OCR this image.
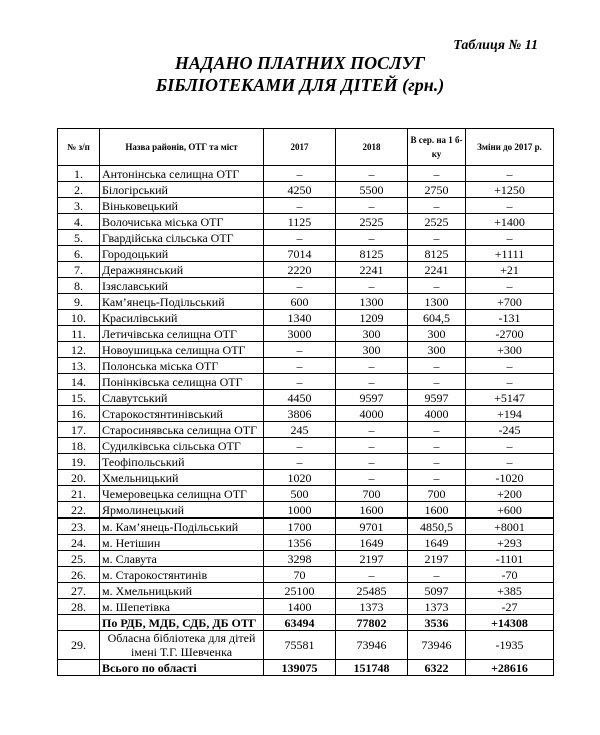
Таблиця № 11
НАДАНО ПЛАТНИХ ПОСЛУГ
БІБЛІОТЕКАМИ ДЛЯ ДІТЕЙ (грн.)
№ з/п	Назва районів, ОТГ та міст	2017	2018	В сер. на 1 б-ку	Зміни до 2017 р.
1.	Антонінська селищна ОТГ	–	–	–	–
2.	Білогірський	4250	5500	2750	+1250
3.	Віньковецький	–	–	–	–
4.	Волочиська міська ОТГ	1125	2525	2525	+1400
5.	Гвардійська сільська ОТГ	–	–	–	–
6.	Городоцький	7014	8125	8125	+1111
7.	Деражнянський	2220	2241	2241	+21
8.	Ізяславський	–	–	–	–
9.	Кам’янець-Подільський	600	1300	1300	+700
10.	Красилівський	1340	1209	604,5	-131
11.	Летичівська селищна ОТГ	3000	300	300	-2700
12.	Новоушицька селищна ОТГ	–	300	300	+300
13.	Полонська міська ОТГ	–	–	–	–
14.	Понінківська селищна ОТГ	–	–	–	–
15.	Славутський	4450	9597	9597	+5147
16.	Старокостянтинівський	3806	4000	4000	+194
17.	Старосинявська селищна ОТГ	245	–	–	-245
18.	Судилківська сільська ОТГ	–	–	–	–
19.	Теофіпольський	–	–	–	–
20.	Хмельницький	1020	–	–	-1020
21.	Чемеровецька селищна ОТГ	500	700	700	+200
22.	Ярмолинецький	1000	1600	1600	+600
23.	м. Кам’янець-Подільський	1700	9701	4850,5	+8001
24.	м. Нетішин	1356	1649	1649	+293
25.	м. Славута	3298	2197	2197	-1101
26.	м. Старокостянтинів	70	–	–	-70
27.	м. Хмельницький	25100	25485	5097	+385
28.	м. Шепетівка	1400	1373	1373	-27
	По РДБ, МДБ, СДБ, ДБ ОТГ	63494	77802	3536	+14308
29.	Обласна бібліотека для дітей імені Т.Г. Шевченка	75581	73946	73946	-1935
	Всього по області	139075	151748	6322	+28616
